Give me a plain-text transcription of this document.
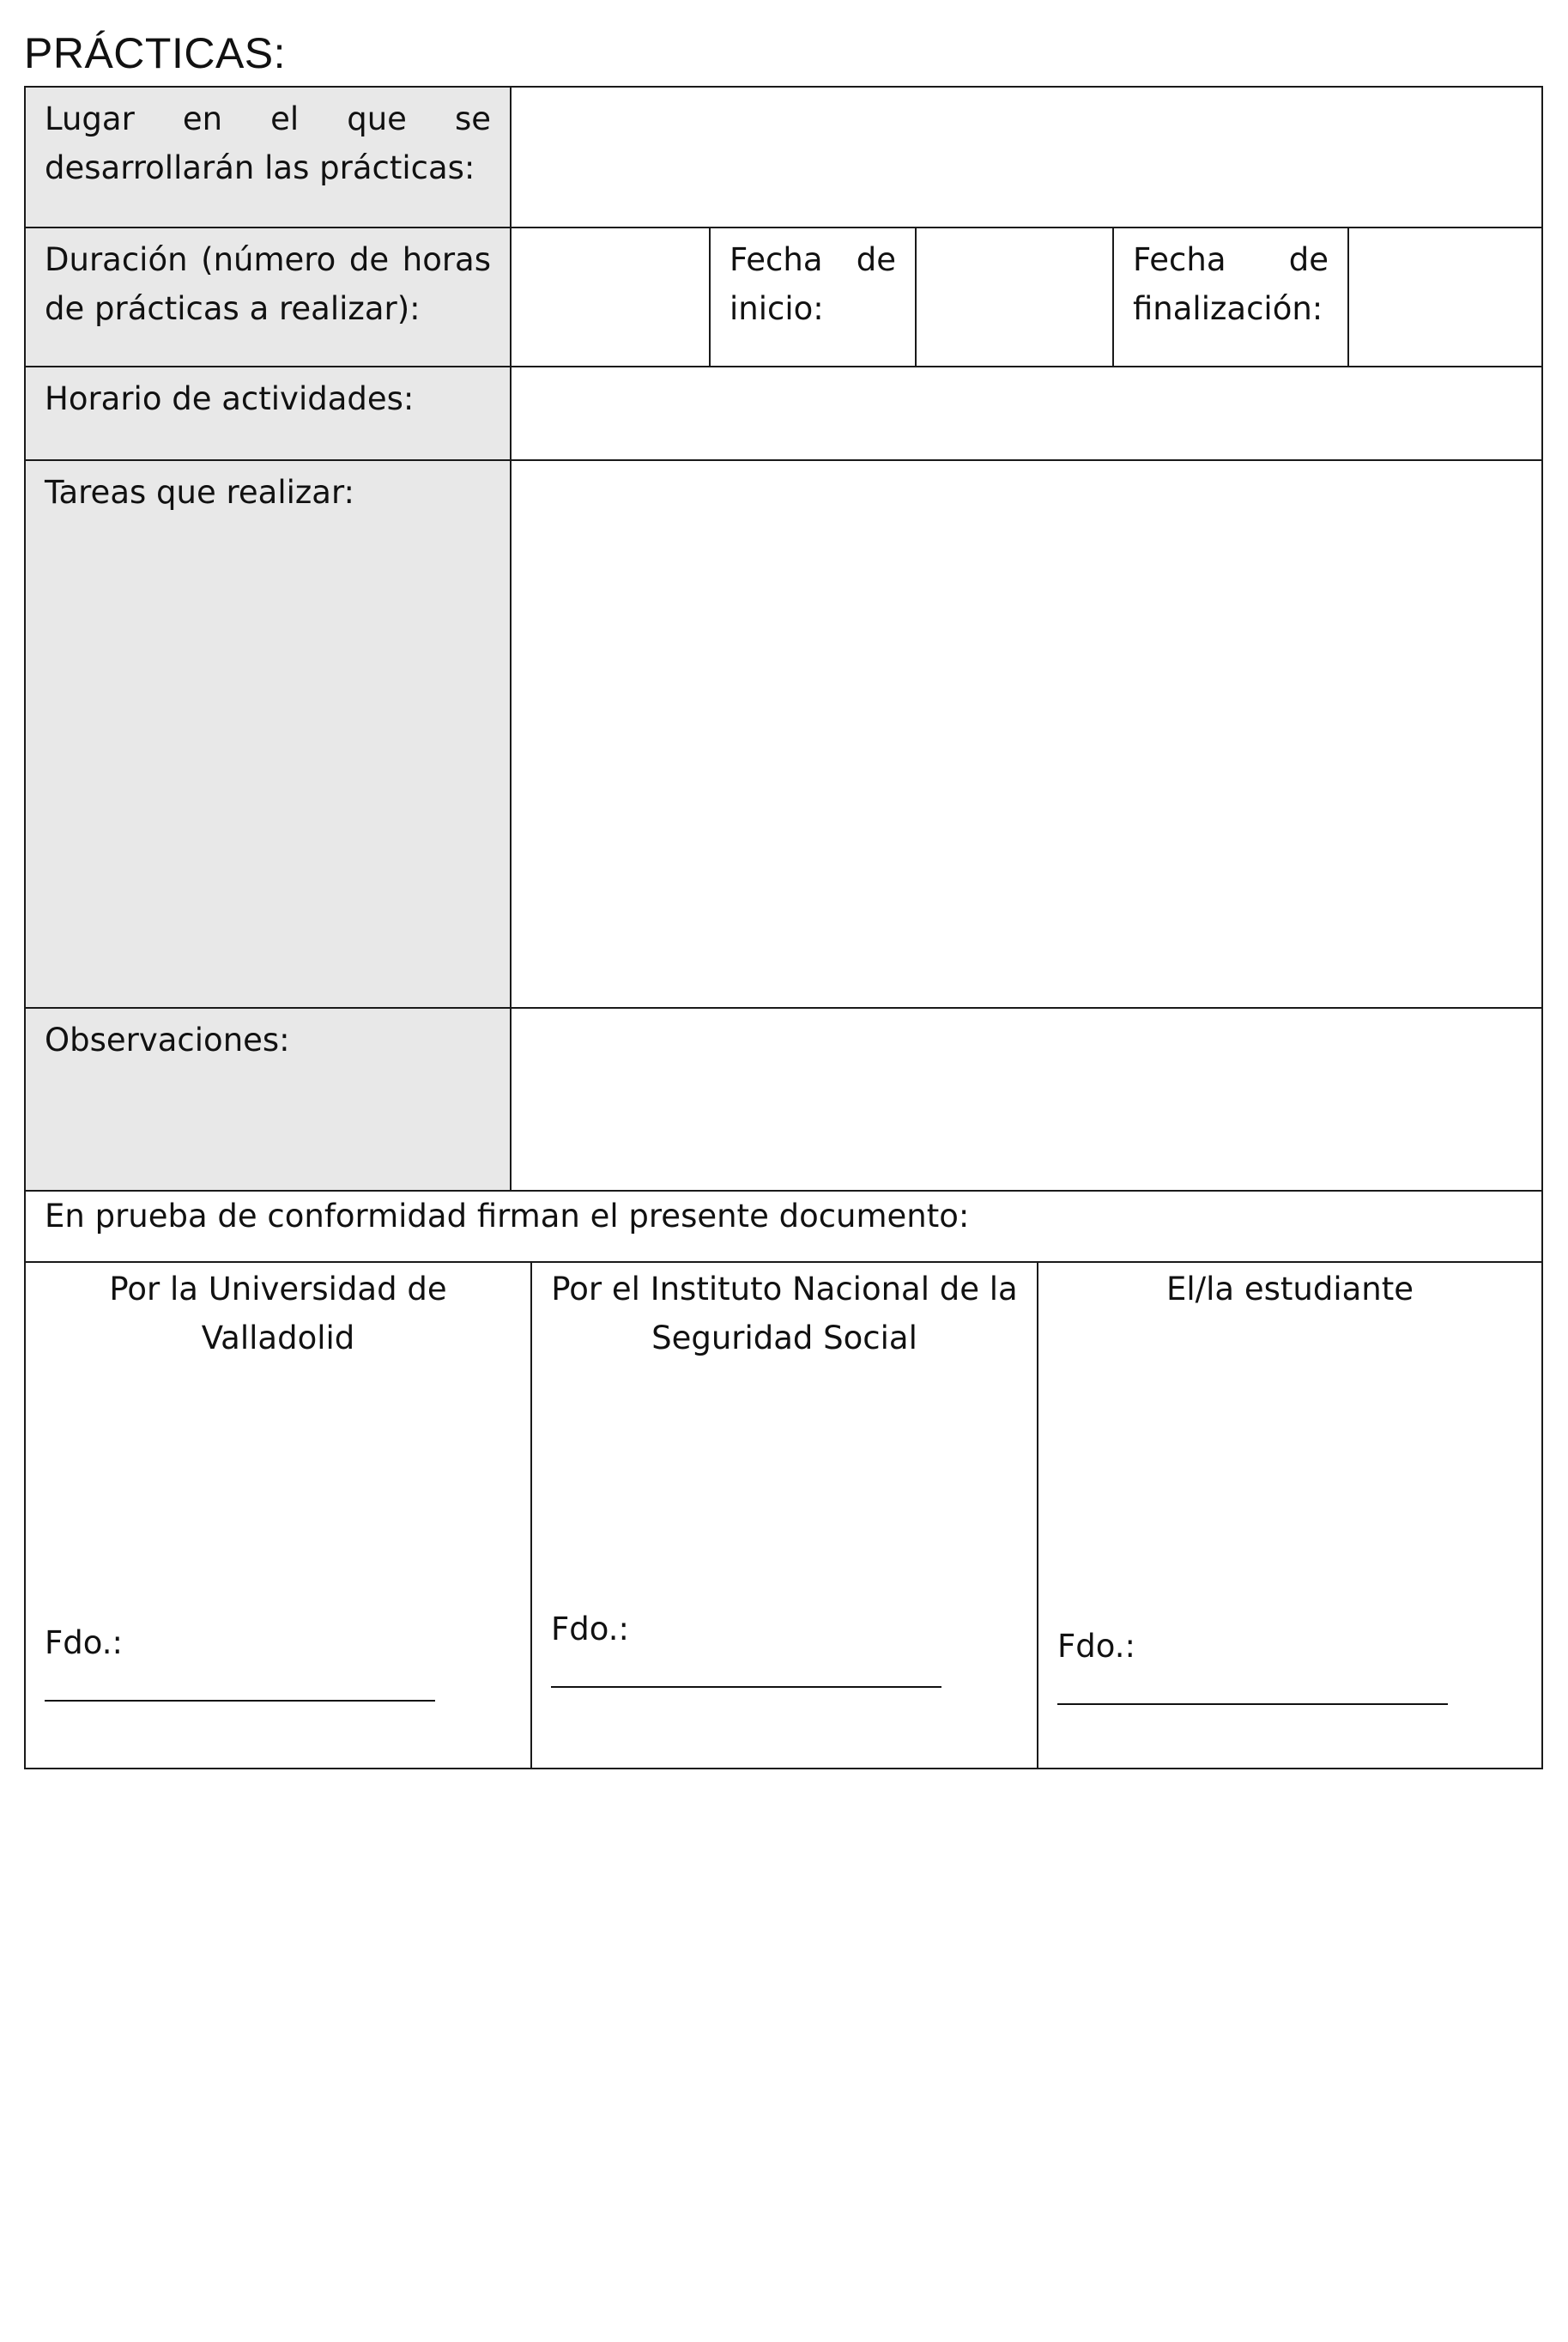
PRÁCTICAS:
Lugar en el que se desarrollarán las prácticas:
Duración (número de horas de prácticas a realizar):
Fecha de inicio:
Fecha de finalización:
Horario de actividades:
Tareas que realizar:
Observaciones:
En prueba de conformidad firman el presente documento:
Por la Universidad de Valladolid
Fdo.:
Por el Instituto Nacional de la Seguridad Social
Fdo.:
El/la estudiante
Fdo.:
